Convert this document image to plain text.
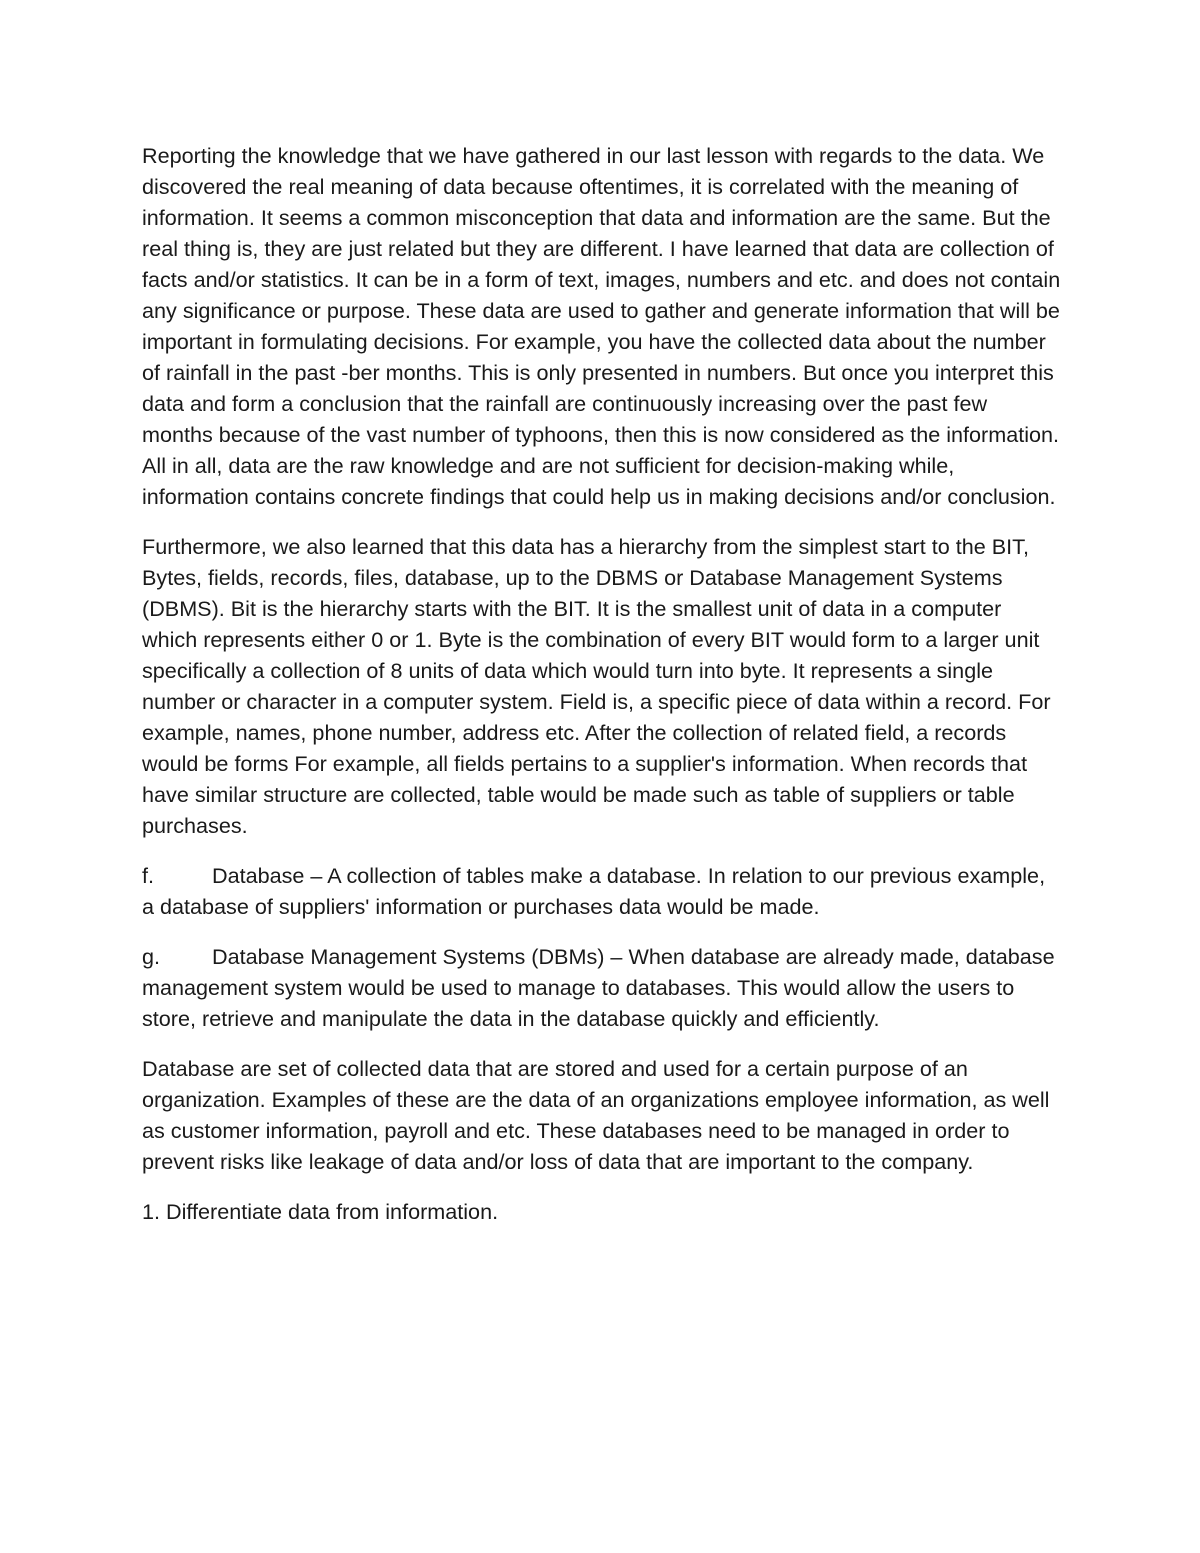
Reporting the knowledge that we have gathered in our last lesson with regards to the data. We discovered the real meaning of data because oftentimes, it is correlated with the meaning of information. It seems a common misconception that data and information are the same. But the real thing is, they are just related but they are different. I have learned that data are collection of facts and/or statistics. It can be in a form of text, images, numbers and etc. and does not contain any significance or purpose. These data are used to gather and generate information that will be important in formulating decisions. For example, you have the collected data about the number of rainfall in the past -ber months. This is only presented in numbers. But once you interpret this data and form a conclusion that the rainfall are continuously increasing over the past few months because of the vast number of typhoons, then this is now considered as the information. All in all, data are the raw knowledge and are not sufficient for decision-making while, information contains concrete findings that could help us in making decisions and/or conclusion.

Furthermore, we also learned that this data has a hierarchy from the simplest start to the BIT, Bytes, fields, records, files, database, up to the DBMS or Database Management Systems (DBMS). Bit is the hierarchy starts with the BIT. It is the smallest unit of data in a computer which represents either 0 or 1. Byte is the combination of every BIT would form to a larger unit specifically a collection of 8 units of data which would turn into byte. It represents a single number or character in a computer system. Field is, a specific piece of data within a record. For example, names, phone number, address etc. After the collection of related field, a records would be forms For example, all fields pertains to a supplier's information. When records that have similar structure are collected, table would be made such as table of suppliers or table purchases.

f.	Database – A collection of tables make a database. In relation to our previous example, a database of suppliers' information or purchases data would be made.

g. Database Management Systems (DBMs) – When database are already made, database management system would be used to manage to databases. This would allow the users to store, retrieve and manipulate the data in the database quickly and efficiently.

Database are set of collected data that are stored and used for a certain purpose of an organization. Examples of these are the data of an organizations employee information, as well as customer information, payroll and etc. These databases need to be managed in order to prevent risks like leakage of data and/or loss of data that are important to the company.

1. Differentiate data from information.
